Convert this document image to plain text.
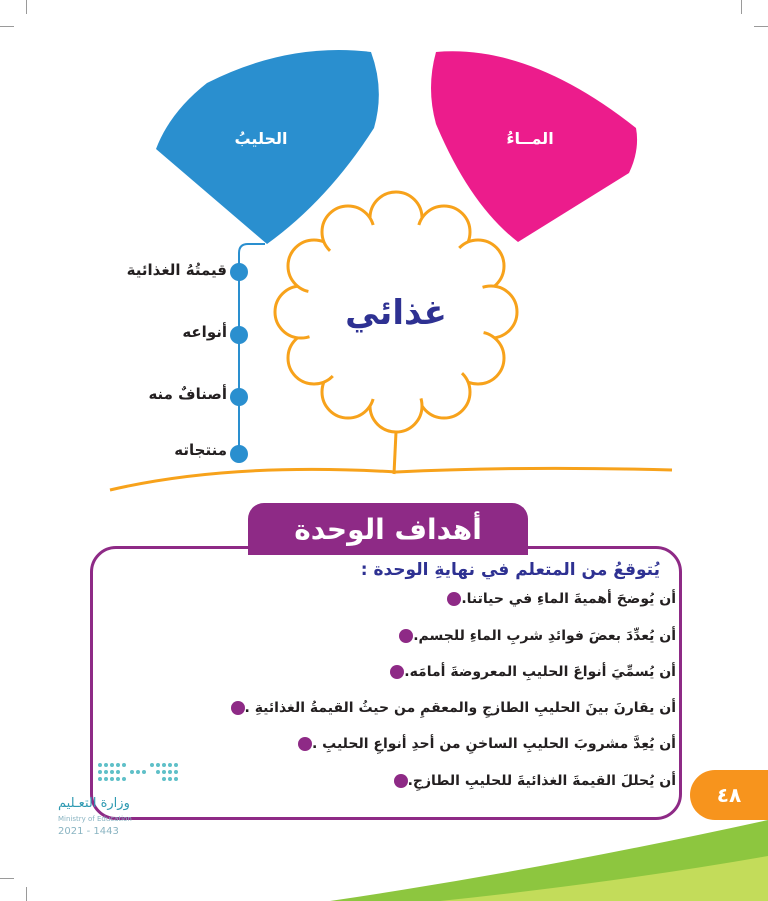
الحليبُ	المــاءُ
غذائي
قيمتُهُ الغذائية
أنواعه
أصنافٌ منه
منتجاته
أهداف الوحدة
يُتوقعُ من المتعلم في نهايةِ الوحدة :
أن يُوضحَ أهميةَ الماءِ في حياتنا.
أن يُعدِّدَ بعضَ فوائدِ شربِ الماءِ للجسم.
أن يُسمِّيَ أنواعَ الحليبِ المعروضةَ أمامَه.
أن يقارنَ بينَ الحليبِ الطازجِ والمعقمِ من حيثُ القيمةُ الغذائيةِ .
أن يُعِدَّ مشروبَ الحليبِ الساخنِ من أحدِ أنواعِ الحليبِ .
أن يُحللَ القيمةَ الغذائيةَ للحليبِ الطازجِ.
٤٨
وزارة التعـليم
Ministry of Education
2021 - 1443
